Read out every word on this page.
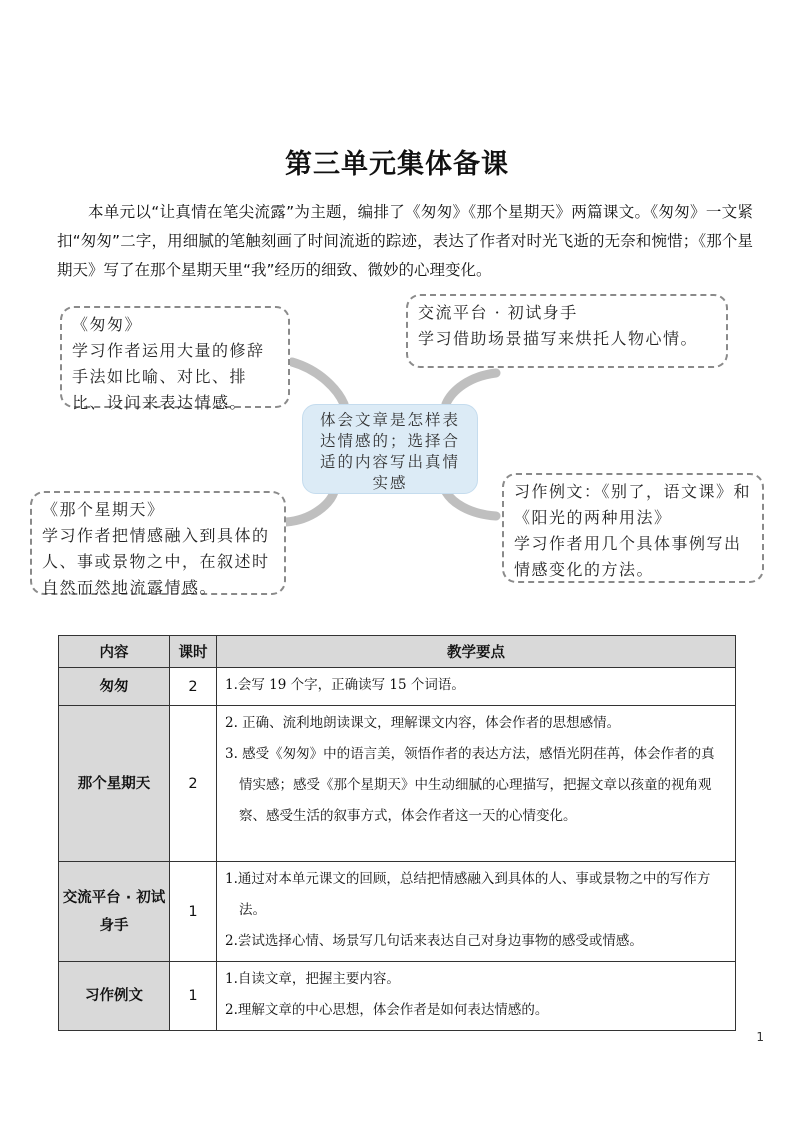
第三单元集体备课
本单元以“让真情在笔尖流露”为主题，编排了《匆匆》《那个星期天》两篇课文。《匆匆》一文紧扣“匆匆”二字，用细腻的笔触刻画了时间流逝的踪迹，表达了作者对时光飞逝的无奈和惋惜；《那个星期天》写了在那个星期天里“我”经历的细致、微妙的心理变化。
《匆匆》
学习作者运用大量的修辞手法如比喻、对比、排比、设问来表达情感。
交流平台 · 初试身手
学习借助场景描写来烘托人物心情。
体会文章是怎样表达情感的；选择合适的内容写出真情实感
《那个星期天》
学习作者把情感融入到具体的人、事或景物之中，在叙述时自然而然地流露情感。
习作例文：《别了，语文课》和《阳光的两种用法》
学习作者用几个具体事例写出情感变化的方法。
内容	课时	教学要点
匆匆	2	1.会写 19 个字，正确读写 15 个词语。

那个星期天	2	2. 正确、流利地朗读课文，理解课文内容，体会作者的思想感情。
3. 感受《匆匆》中的语言美，领悟作者的表达方法，感悟光阴荏苒，体会作者的真情实感；感受《那个星期天》中生动细腻的心理描写，把握文章以孩童的视角观察、感受生活的叙事方式，体会作者这一天的心情变化。

交流平台 · 初试身手	1	1.通过对本单元课文的回顾，总结把情感融入到具体的人、事或景物之中的写作方法。
2.尝试选择心情、场景写几句话来表达自己对身边事物的感受或情感。

习作例文	1	1.自读文章，把握主要内容。
2.理解文章的中心思想，体会作者是如何表达情感的。
1
